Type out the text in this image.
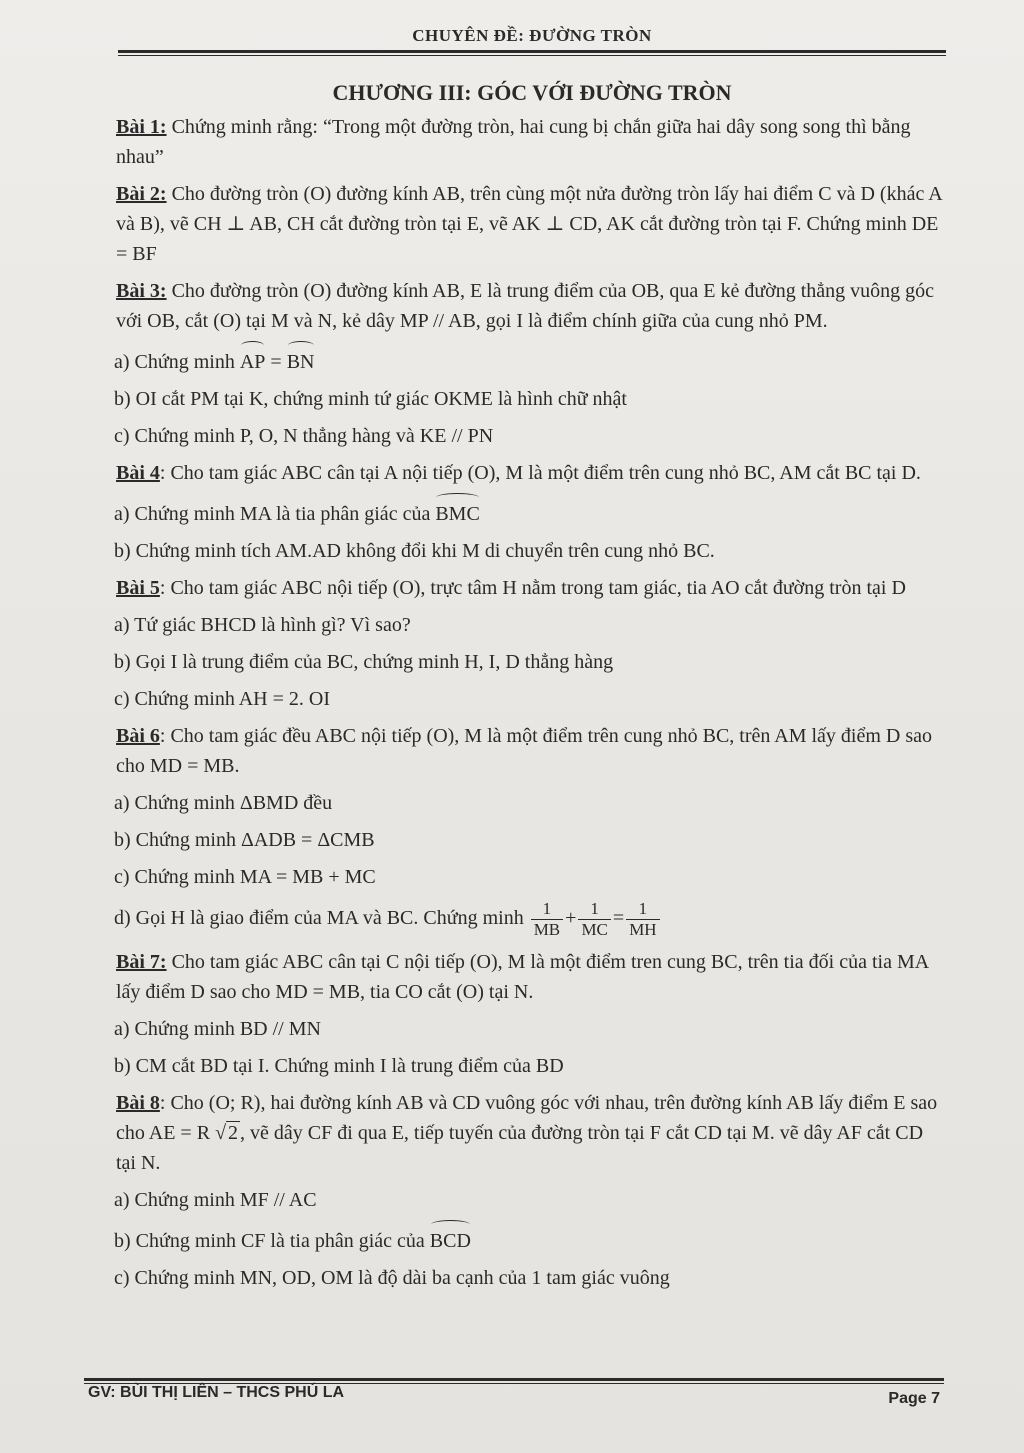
CHUYÊN ĐỀ: ĐƯỜNG TRÒN
CHƯƠNG III: GÓC VỚI ĐƯỜNG TRÒN
Bài 1: Chứng minh rằng: “Trong một đường tròn, hai cung bị chắn giữa hai dây song song thì bằng nhau”
Bài 2: Cho đường tròn (O) đường kính AB, trên cùng một nửa đường tròn lấy hai điểm C và D (khác A và B), vẽ CH ⊥ AB, CH cắt đường tròn tại E, vẽ AK ⊥ CD, AK cắt đường tròn tại F. Chứng minh DE = BF
Bài 3: Cho đường tròn (O) đường kính AB, E là trung điểm của OB, qua E kẻ đường thẳng vuông góc với OB, cắt (O) tại M và N, kẻ dây MP // AB, gọi I là điểm chính giữa của cung nhỏ PM.
a) Chứng minh AP = BN
b) OI cắt PM tại K, chứng minh tứ giác OKME là hình chữ nhật
c) Chứng minh P, O, N thẳng hàng và KE // PN
Bài 4: Cho tam giác ABC cân tại A nội tiếp (O), M là một điểm trên cung nhỏ BC, AM cắt BC tại D.
a) Chứng minh MA là tia phân giác của BMC
b) Chứng minh tích AM.AD không đổi khi M di chuyển trên cung nhỏ BC.
Bài 5: Cho tam giác ABC nội tiếp (O), trực tâm H nằm trong tam giác, tia AO cắt đường tròn tại D
a) Tứ giác BHCD là hình gì? Vì sao?
b) Gọi I là trung điểm của BC, chứng minh H, I, D thẳng hàng
c) Chứng minh AH = 2. OI
Bài 6: Cho tam giác đều ABC nội tiếp (O), M là một điểm trên cung nhỏ BC, trên AM lấy điểm D sao cho MD = MB.
a) Chứng minh ΔBMD đều
b) Chứng minh ΔADB = ΔCMB
c) Chứng minh MA = MB + MC
d) Gọi H là giao điểm của MA và BC. Chứng minh $\frac{1}{MB} + \frac{1}{MC} = \frac{1}{MH}$
Bài 7: Cho tam giác ABC cân tại C nội tiếp (O), M là một điểm tren cung BC, trên tia đối của tia MA lấy điểm D sao cho MD = MB, tia CO cắt (O) tại N.
a) Chứng minh BD // MN
b) CM cắt BD tại I. Chứng minh I là trung điểm của BD
Bài 8: Cho (O; R), hai đường kính AB và CD vuông góc với nhau, trên đường kính AB lấy điểm E sao cho AE = R √ 2 , vẽ dây CF đi qua E, tiếp tuyến của đường tròn tại F cắt CD tại M. vẽ dây AF cắt CD tại N.
a) Chứng minh MF // AC
b) Chứng minh CF là tia phân giác của BCD
c) Chứng minh MN, OD, OM là độ dài ba cạnh của 1 tam giác vuông
GV: BÙI THỊ LIÊN – THCS PHÚ LA	Page 7
